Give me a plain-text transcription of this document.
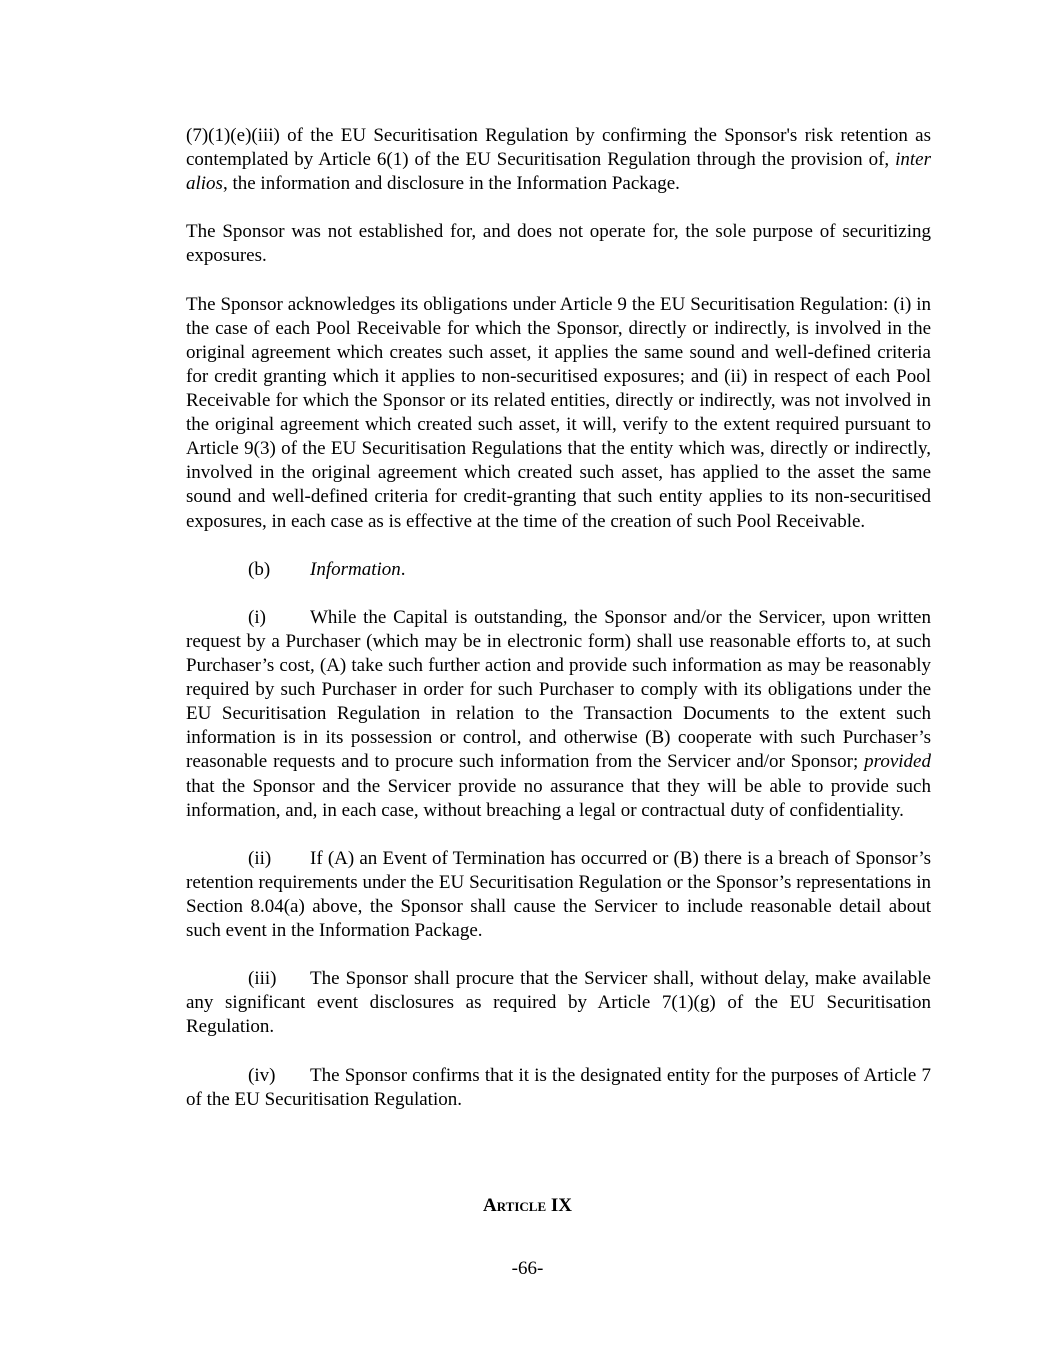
(7)(1)(e)(iii) of the EU Securitisation Regulation by confirming the Sponsor's risk retention as contemplated by Article 6(1) of the EU Securitisation Regulation through the provision of, inter alios, the information and disclosure in the Information Package.

The Sponsor was not established for, and does not operate for, the sole purpose of securitizing exposures.

The Sponsor acknowledges its obligations under Article 9 the EU Securitisation Regulation: (i) in the case of each Pool Receivable for which the Sponsor, directly or indirectly, is involved in the original agreement which creates such asset, it applies the same sound and well-defined criteria for credit granting which it applies to non-securitised exposures; and (ii) in respect of each Pool Receivable for which the Sponsor or its related entities, directly or indirectly, was not involved in the original agreement which created such asset, it will, verify to the extent required pursuant to Article 9(3) of the EU Securitisation Regulations that the entity which was, directly or indirectly, involved in the original agreement which created such asset, has applied to the asset the same sound and well-defined criteria for credit-granting that such entity applies to its non-securitised exposures, in each case as is effective at the time of the creation of such Pool Receivable.

(b) Information.

(i) While the Capital is outstanding, the Sponsor and/or the Servicer, upon written request by a Purchaser (which may be in electronic form) shall use reasonable efforts to, at such Purchaser’s cost, (A) take such further action and provide such information as may be reasonably required by such Purchaser in order for such Purchaser to comply with its obligations under the EU Securitisation Regulation in relation to the Transaction Documents to the extent such information is in its possession or control, and otherwise (B) cooperate with such Purchaser’s reasonable requests and to procure such information from the Servicer and/or Sponsor; provided that the Sponsor and the Servicer provide no assurance that they will be able to provide such information, and, in each case, without breaching a legal or contractual duty of confidentiality.

(ii) If (A) an Event of Termination has occurred or (B) there is a breach of Sponsor’s retention requirements under the EU Securitisation Regulation or the Sponsor’s representations in Section 8.04(a) above, the Sponsor shall cause the Servicer to include reasonable detail about such event in the Information Package.

(iii) The Sponsor shall procure that the Servicer shall, without delay, make available any significant event disclosures as required by Article 7(1)(g) of the EU Securitisation Regulation.

(iv) The Sponsor confirms that it is the designated entity for the purposes of Article 7 of the EU Securitisation Regulation.

Article IX
-66-
